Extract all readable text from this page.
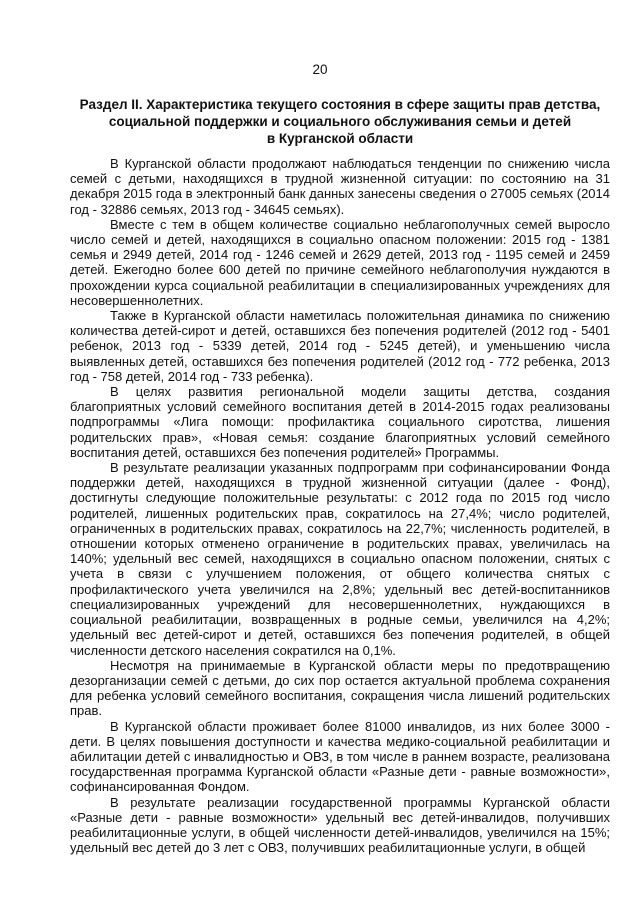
20
Раздел II. Характеристика текущего состояния в сфере защиты прав детства,
социальной поддержки и социального обслуживания семьи и детей
в Курганской области

В Курганской области продолжают наблюдаться тенденции по снижению числа семей с детьми, находящихся в трудной жизненной ситуации: по состоянию на 31 декабря 2015 года в электронный банк данных занесены сведения о 27005 семьях (2014 год - 32886 семьях, 2013 год - 34645 семьях).

Вместе с тем в общем количестве социально неблагополучных семей выросло число семей и детей, находящихся в социально опасном положении: 2015 год - 1381 семья и 2949 детей, 2014 год - 1246 семей и 2629 детей, 2013 год - 1195 семей и 2459 детей. Ежегодно более 600 детей по причине семейного неблагополучия нуждаются в прохождении курса социальной реабилитации в специализированных учреждениях для несовершеннолетних.

Также в Курганской области наметилась положительная динамика по снижению количества детей-сирот и детей, оставшихся без попечения родителей (2012 год - 5401 ребенок, 2013 год - 5339 детей, 2014 год - 5245 детей), и уменьшению числа выявленных детей, оставшихся без попечения родителей (2012 год - 772 ребенка, 2013 год - 758 детей, 2014 год - 733 ребенка).

В целях развития региональной модели защиты детства, создания благоприятных условий семейного воспитания детей в 2014-2015 годах реализованы подпрограммы «Лига помощи: профилактика социального сиротства, лишения родительских прав», «Новая семья: создание благоприятных условий семейного воспитания детей, оставшихся без попечения родителей» Программы.

В результате реализации указанных подпрограмм при софинансировании Фонда поддержки детей, находящихся в трудной жизненной ситуации (далее - Фонд), достигнуты следующие положительные результаты: с 2012 года по 2015 год число родителей, лишенных родительских прав, сократилось на 27,4%; число родителей, ограниченных в родительских правах, сократилось на 22,7%; численность родителей, в отношении которых отменено ограничение в родительских правах, увеличилась на 140%; удельный вес семей, находящихся в социально опасном положении, снятых с учета в связи с улучшением положения, от общего количества снятых с профилактического учета увеличился на 2,8%; удельный вес детей-воспитанников специализированных учреждений для несовершеннолетних, нуждающихся в социальной реабилитации, возвращенных в родные семьи, увеличился на 4,2%; удельный вес детей-сирот и детей, оставшихся без попечения родителей, в общей численности детского населения сократился на 0,1%.

Несмотря на принимаемые в Курганской области меры по предотвращению дезорганизации семей с детьми, до сих пор остается актуальной проблема сохранения для ребенка условий семейного воспитания, сокращения числа лишений родительских прав.

В Курганской области проживает более 81000 инвалидов, из них более 3000 - дети. В целях повышения доступности и качества медико-социальной реабилитации и абилитации детей с инвалидностью и ОВЗ, в том числе в раннем возрасте, реализована государственная программа Курганской области «Разные дети - равные возможности», софинансированная Фондом.

В результате реализации государственной программы Курганской области «Разные дети - равные возможности» удельный вес детей-инвалидов, получивших реабилитационные услуги, в общей численности детей-инвалидов, увеличился на 15%; удельный вес детей до 3 лет с ОВЗ, получивших реабилитационные услуги, в общей
